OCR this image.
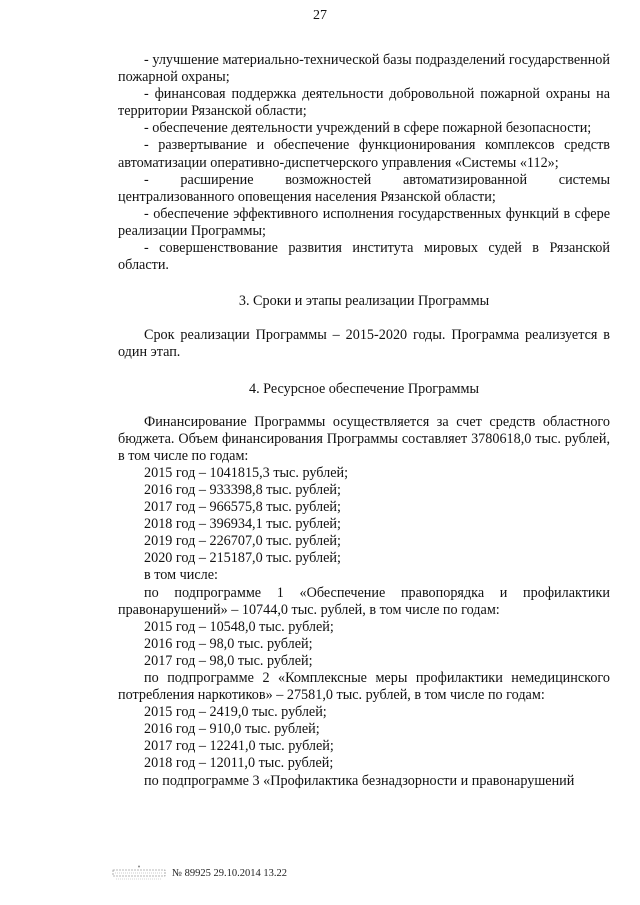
27

- улучшение материально-технической базы подразделений государственной пожарной охраны;

- финансовая поддержка деятельности добровольной пожарной охраны на территории Рязанской области;

- обеспечение деятельности учреждений в сфере пожарной безопасности;

- развертывание и обеспечение функционирования комплексов средств автоматизации оперативно-диспетчерского управления «Системы «112»;

- расширение возможностей автоматизированной системы централизованного оповещения населения Рязанской области;

- обеспечение эффективного исполнения государственных функций в сфере реализации Программы;

- совершенствование развития института мировых судей в Рязанской области.

3. Сроки и этапы реализации Программы

Срок реализации Программы – 2015-2020 годы. Программа реализуется в один этап.

4. Ресурсное обеспечение Программы

Финансирование Программы осуществляется за счет средств областного бюджета. Объем финансирования Программы составляет 3780618,0 тыс. рублей, в том числе по годам:

2015 год – 1041815,3 тыс. рублей;

2016 год – 933398,8 тыс. рублей;

2017 год – 966575,8 тыс. рублей;

2018 год – 396934,1 тыс. рублей;

2019 год – 226707,0 тыс. рублей;

2020 год – 215187,0 тыс. рублей;

в том числе:

по подпрограмме 1 «Обеспечение правопорядка и профилактики правонарушений» – 10744,0 тыс. рублей, в том числе по годам:

2015 год – 10548,0 тыс. рублей;

2016 год – 98,0 тыс. рублей;

2017 год – 98,0 тыс. рублей;

по подпрограмме 2 «Комплексные меры профилактики немедицинского потребления наркотиков» – 27581,0 тыс. рублей, в том числе по годам:

2015 год – 2419,0 тыс. рублей;

2016 год – 910,0 тыс. рублей;

2017 год – 12241,0 тыс. рублей;

2018 год – 12011,0 тыс. рублей;

по подпрограмме 3 «Профилактика безнадзорности и правонарушений

№ 89925 29.10.2014 13.22
